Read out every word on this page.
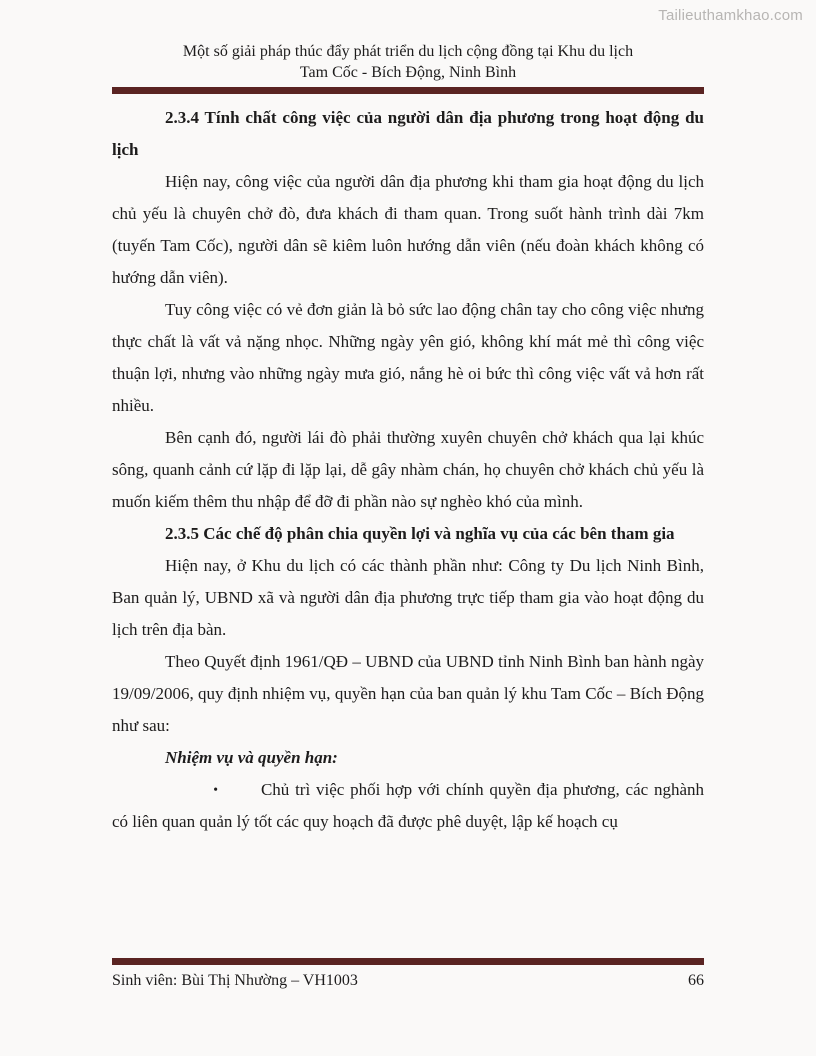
Tailieuthamkhao.com
Một số giải pháp thúc đẩy phát triển du lịch cộng đồng tại Khu du lịch
Tam Cốc - Bích Động, Ninh Bình

2.3.4 Tính chất công việc của người dân địa phương trong hoạt động du lịch

Hiện nay, công việc của người dân địa phương khi tham gia hoạt động du lịch chủ yếu là chuyên chở đò, đưa khách đi tham quan. Trong suốt hành trình dài 7km (tuyến Tam Cốc), người dân sẽ kiêm luôn hướng dẫn viên (nếu đoàn khách không có hướng dẫn viên).

Tuy công việc có vẻ đơn giản là bỏ sức lao động chân tay cho công việc nhưng thực chất là vất vả nặng nhọc. Những ngày yên gió, không khí mát mẻ thì công việc thuận lợi, nhưng vào những ngày mưa gió, nắng hè oi bức thì công việc vất vả hơn rất nhiều.

Bên cạnh đó, người lái đò phải thường xuyên chuyên chở khách qua lại khúc sông, quanh cảnh cứ lặp đi lặp lại, dễ gây nhàm chán, họ chuyên chở khách chủ yếu là muốn kiếm thêm thu nhập để đỡ đi phần nào sự nghèo khó của mình.

2.3.5 Các chế độ phân chia quyền lợi và nghĩa vụ của các bên tham gia

Hiện nay, ở Khu du lịch có các thành phần như: Công ty Du lịch Ninh Bình, Ban quản lý, UBND xã và người dân địa phương trực tiếp tham gia vào hoạt động du lịch trên địa bàn.

Theo Quyết định 1961/QĐ – UBND của UBND tỉnh Ninh Bình ban hành ngày 19/09/2006, quy định nhiệm vụ, quyền hạn của ban quản lý khu Tam Cốc – Bích Động như sau:

Nhiệm vụ và quyền hạn:

•	Chủ trì việc phối hợp với chính quyền địa phương, các nghành có liên quan quản lý tốt các quy hoạch đã được phê duyệt, lập kế hoạch cụ

Sinh viên: Bùi Thị Nhường – VH1003	66
